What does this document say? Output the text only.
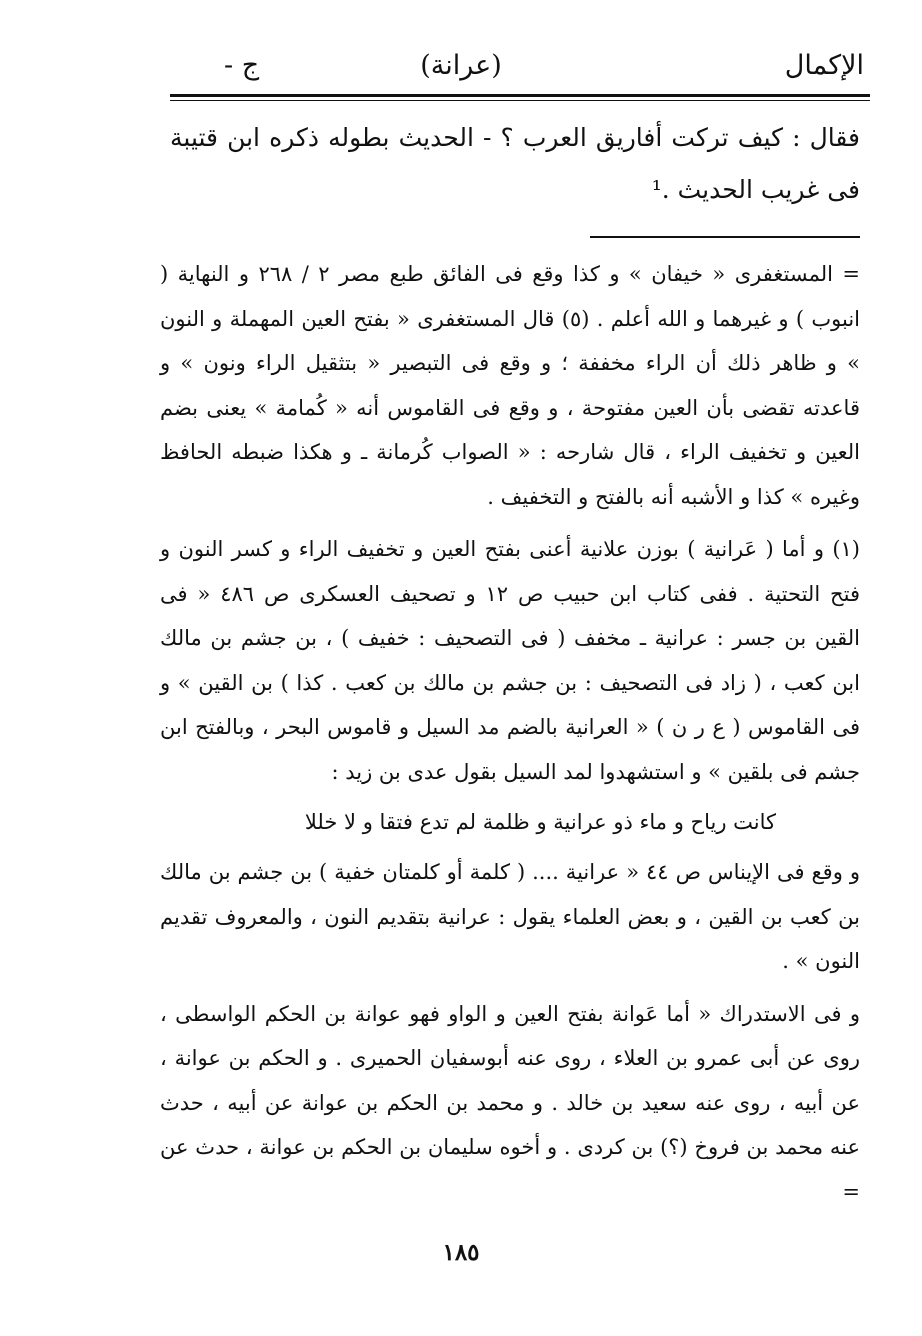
الإكمال
(عرانة)
ج -
فقال : كيف تركت أفاريق العرب ؟ - الحديث بطوله ذكره ابن قتيبة فى غريب الحديث .¹

= المستغفرى « خيفان » و كذا وقع فى الفائق طبع مصر ٢ / ٢٦٨ و النهاية ( انبوب ) و غيرهما و الله أعلم . (٥) قال المستغفرى « بفتح العين المهملة و النون » و ظاهر ذلك أن الراء مخففة ؛ و وقع فى التبصير « بتثقيل الراء ونون » و قاعدته تقضى بأن العين مفتوحة ، و وقع فى القاموس أنه « كُمامة » يعنى بضم العين و تخفيف الراء ، قال شارحه : « الصواب كُرمانة ـ و هكذا ضبطه الحافظ وغيره » كذا و الأشبه أنه بالفتح و التخفيف .

(١) و أما ( عَرانية ) بوزن علانية أعنى بفتح العين و تخفيف الراء و كسر النون و فتح التحتية . ففى كتاب ابن حبيب ص ١٢ و تصحيف العسكرى ص ٤٨٦ « فى القين بن جسر : عرانية ـ مخفف ( فى التصحيف : خفيف ) ، بن جشم بن مالك ابن كعب ، ( زاد فى التصحيف : بن جشم بن مالك بن كعب . كذا ) بن القين » و فى القاموس ( ع ر ن ) « العرانية بالضم مد السيل و قاموس البحر ، وبالفتح ابن جشم فى بلقين » و استشهدوا لمد السيل بقول عدى بن زيد :

كانت رياح و ماء ذو عرانية و ظلمة لم تدع فتقا و لا خللا

و وقع فى الإيناس ص ٤٤ « عرانية .... ( كلمة أو كلمتان خفية ) بن جشم بن مالك بن كعب بن القين ، و بعض العلماء يقول : عرانية بتقديم النون ، والمعروف تقديم النون » .

و فى الاستدراك « أما عَوانة بفتح العين و الواو فهو عوانة بن الحكم الواسطى ، روى عن أبى عمرو بن العلاء ، روى عنه أبوسفيان الحميرى . و الحكم بن عوانة ، عن أبيه ، روى عنه سعيد بن خالد . و محمد بن الحكم بن عوانة عن أبيه ، حدث عنه محمد بن فروخ (؟) بن كردى . و أخوه سليمان بن الحكم بن عوانة ، حدث عن =

١٨٥
